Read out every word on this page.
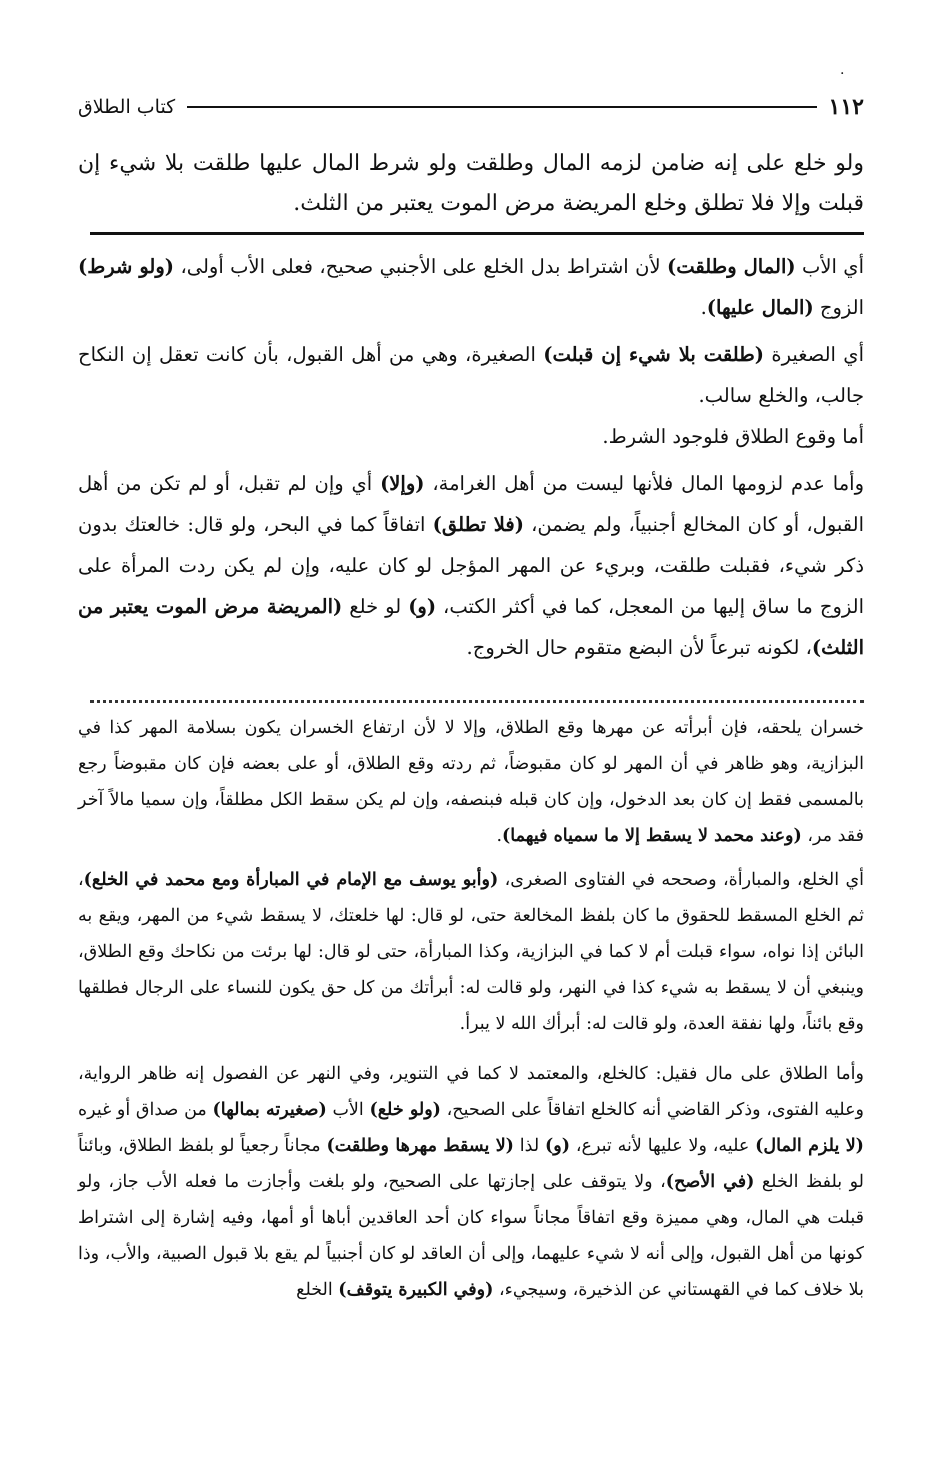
.
١١٢
كتاب الطلاق
ولو خلع على إنه ضامن لزمه المال وطلقت ولو شرط المال عليها طلقت بلا شيء إن قبلت وإلا فلا تطلق وخلع المريضة مرض الموت يعتبر من الثلث.

أي الأب (المال وطلقت) لأن اشتراط بدل الخلع على الأجنبي صحيح، فعلى الأب أولى، (ولو شرط) الزوج (المال عليها).

أي الصغيرة (طلقت بلا شيء إن قبلت) الصغيرة، وهي من أهل القبول، بأن كانت تعقل إن النكاح جالب، والخلع سالب.

أما وقوع الطلاق فلوجود الشرط.

وأما عدم لزومها المال فلأنها ليست من أهل الغرامة، (وإلا) أي وإن لم تقبل، أو لم تكن من أهل القبول، أو كان المخالع أجنبياً، ولم يضمن، (فلا تطلق) اتفاقاً كما في البحر، ولو قال: خالعتك بدون ذكر شيء، فقبلت طلقت، وبريء عن المهر المؤجل لو كان عليه، وإن لم يكن ردت المرأة على الزوج ما ساق إليها من المعجل، كما في أكثر الكتب، (و) لو خلع (المريضة مرض الموت يعتبر من الثلث)، لكونه تبرعاً لأن البضع متقوم حال الخروج.

خسران يلحقه، فإن أبرأته عن مهرها وقع الطلاق، وإلا لا لأن ارتفاع الخسران يكون بسلامة المهر كذا في البزازية، وهو ظاهر في أن المهر لو كان مقبوضاً، ثم ردته وقع الطلاق، أو على بعضه فإن كان مقبوضاً رجع بالمسمى فقط إن كان بعد الدخول، وإن كان قبله فبنصفه، وإن لم يكن سقط الكل مطلقاً، وإن سميا مالاً آخر فقد مر، (وعند محمد لا يسقط إلا ما سمياه فيهما).

أي الخلع، والمبارأة، وصححه في الفتاوى الصغرى، (وأبو يوسف مع الإمام في المبارأة ومع محمد في الخلع)، ثم الخلع المسقط للحقوق ما كان بلفظ المخالعة حتى، لو قال: لها خلعتك، لا يسقط شيء من المهر، ويقع به البائن إذا نواه، سواء قبلت أم لا كما في البزازية، وكذا المبارأة، حتى لو قال: لها برئت من نكاحك وقع الطلاق، وينبغي أن لا يسقط به شيء كذا في النهر، ولو قالت له: أبرأتك من كل حق يكون للنساء على الرجال فطلقها وقع بائناً، ولها نفقة العدة، ولو قالت له: أبرأك الله لا يبرأ.

وأما الطلاق على مال فقيل: كالخلع، والمعتمد لا كما في التنوير، وفي النهر عن الفصول إنه ظاهر الرواية، وعليه الفتوى، وذكر القاضي أنه كالخلع اتفاقاً على الصحيح، (ولو خلع) الأب (صغيرته بمالها) من صداق أو غيره (لا يلزم المال) عليه، ولا عليها لأنه تبرع، (و) لذا (لا يسقط مهرها وطلقت) مجاناً رجعياً لو بلفظ الطلاق، وبائناً لو بلفظ الخلع (في الأصح)، ولا يتوقف على إجازتها على الصحيح، ولو بلغت وأجازت ما فعله الأب جاز، ولو قبلت هي المال، وهي مميزة وقع اتفاقاً مجاناً سواء كان أحد العاقدين أباها أو أمها، وفيه إشارة إلى اشتراط كونها من أهل القبول، وإلى أنه لا شيء عليهما، وإلى أن العاقد لو كان أجنبياً لم يقع بلا قبول الصبية، والأب، وذا بلا خلاف كما في القهستاني عن الذخيرة، وسيجيء، (وفي الكبيرة يتوقف) الخلع
